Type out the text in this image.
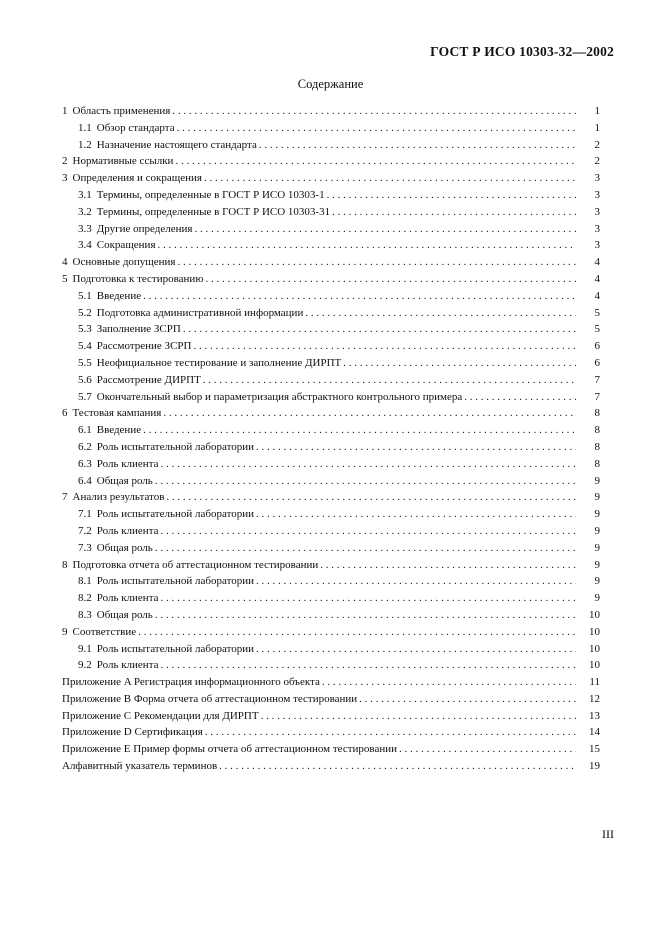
ГОСТ Р ИСО 10303-32—2002
Содержание
1 Область применения . . .	1
1.1 Обзор стандарта . . .	1
1.2 Назначение настоящего стандарта . . .	2
2 Нормативные ссылки . . .	2
3 Определения и сокращения . . .	3
3.1 Термины, определенные в ГОСТ Р ИСО 10303-1 . . .	3
3.2 Термины, определенные в ГОСТ Р ИСО 10303-31 . . .	3
3.3 Другие определения . . .	3
3.4 Сокращения . . .	3
4 Основные допущения . . .	4
5 Подготовка к тестированию . . .	4
5.1 Введение . . .	4
5.2 Подготовка административной информации . . .	5
5.3 Заполнение ЗСРП . . .	5
5.4 Рассмотрение ЗСРП . . .	6
5.5 Неофициальное тестирование и заполнение ДИРПТ . . .	6
5.6 Рассмотрение ДИРПТ . . .	7
5.7 Окончательный выбор и параметризация абстрактного контрольного примера . . .	7
6 Тестовая кампания . . .	8
6.1 Введение . . .	8
6.2 Роль испытательной лаборатории . . .	8
6.3 Роль клиента . . .	8
6.4 Общая роль . . .	9
7 Анализ результатов . . .	9
7.1 Роль испытательной лаборатории . . .	9
7.2 Роль клиента . . .	9
7.3 Общая роль . . .	9
8 Подготовка отчета об аттестационном тестировании . . .	9
8.1 Роль испытательной лаборатории . . .	9
8.2 Роль клиента . . .	9
8.3 Общая роль . . .	10
9 Соответствие . . .	10
9.1 Роль испытательной лаборатории . . .	10
9.2 Роль клиента . . .	10
Приложение A Регистрация информационного объекта . . .	11
Приложение B Форма отчета об аттестационном тестировании . . .	12
Приложение C Рекомендации для ДИРПТ . . .	13
Приложение D Сертификация . . .	14
Приложение E Пример формы отчета об аттестационном тестировании . . .	15
Алфавитный указатель терминов . . .	19
III
